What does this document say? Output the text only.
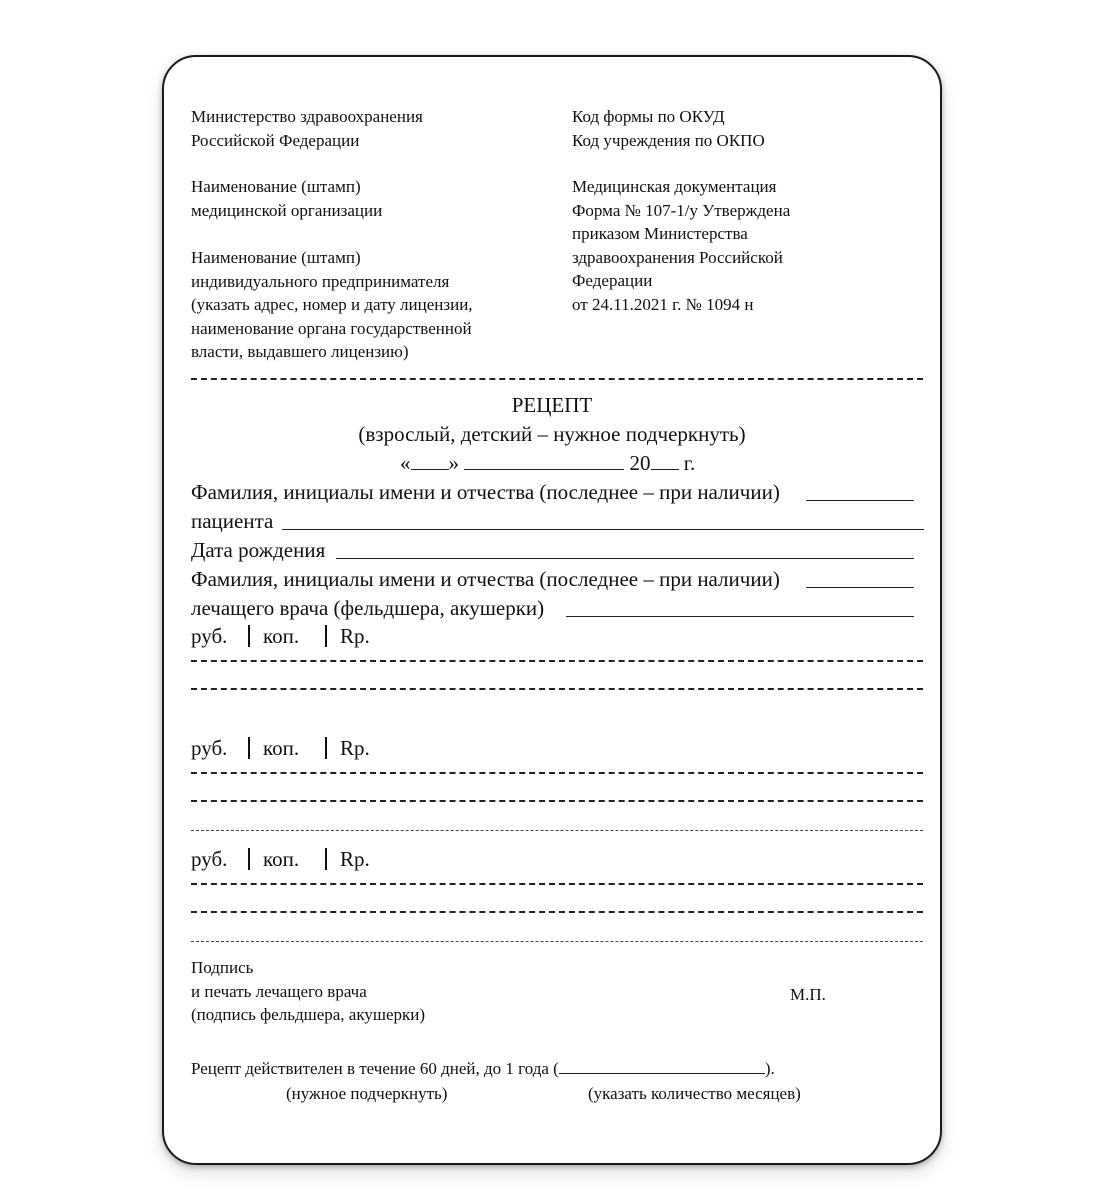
Министерство здравоохранения
Российской Федерации
Наименование (штамп)
медицинской организации
Наименование (штамп)
индивидуального предпринимателя
(указать адрес, номер и дату лицензии,
наименование органа государственной
власти, выдавшего лицензию)
Код формы по ОКУД
Код учреждения по ОКПО
Медицинская документация
Форма № 107-1/у Утверждена
приказом Министерства
здравоохранения Российской
Федерации
от 24.11.2021 г. № 1094 н
РЕЦЕПТ
(взрослый, детский – нужное подчеркнуть)
« »	20 г.
Фамилия, инициалы имени и отчества (последнее – при наличии)
пациента
Дата рождения
Фамилия, инициалы имени и отчества (последнее – при наличии)
лечащего врача (фельдшера, акушерки)
руб. коп. Rp.
руб. коп. Rp.
руб. коп. Rp.
Подпись
и печать лечащего врача
(подпись фельдшера, акушерки)
М.П.
Рецепт действителен в течение 60 дней, до 1 года (	).
(нужное подчеркнуть)	(указать количество месяцев)
